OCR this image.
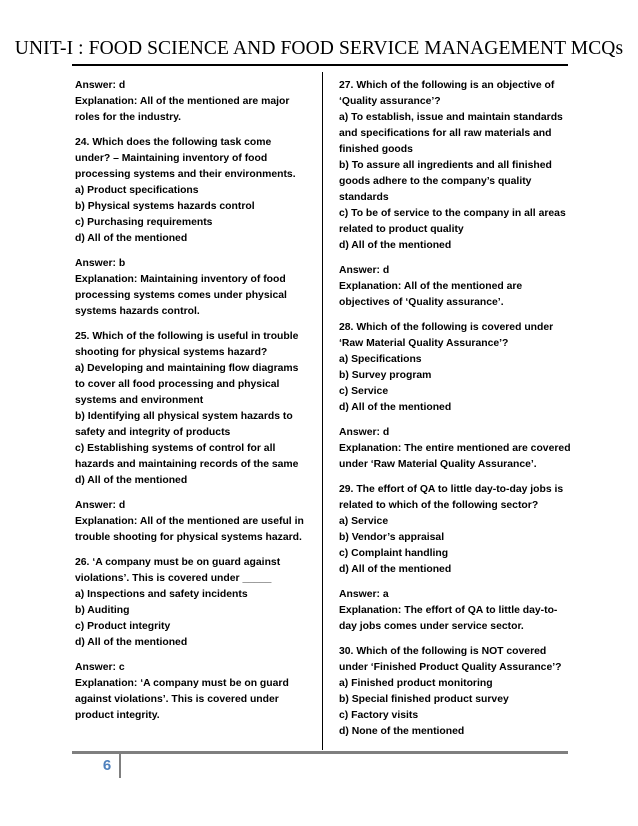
UNIT-I : FOOD SCIENCE AND FOOD SERVICE MANAGEMENT MCQs
Answer: d
Explanation: All of the mentioned are major
roles for the industry.
24. Which does the following task come
under? – Maintaining inventory of food
processing systems and their environments.
a) Product specifications
b) Physical systems hazards control
c) Purchasing requirements
d) All of the mentioned
Answer: b
Explanation: Maintaining inventory of food
processing systems comes under physical
systems hazards control.
25. Which of the following is useful in trouble
shooting for physical systems hazard?
a) Developing and maintaining flow diagrams
to cover all food processing and physical
systems and environment
b) Identifying all physical system hazards to
safety and integrity of products
c) Establishing systems of control for all
hazards and maintaining records of the same
d) All of the mentioned
Answer: d
Explanation: All of the mentioned are useful in
trouble shooting for physical systems hazard.
26. ‘A company must be on guard against
violations’. This is covered under _____
a) Inspections and safety incidents
b) Auditing
c) Product integrity
d) All of the mentioned
Answer: c
Explanation: ‘A company must be on guard
against violations’. This is covered under
product integrity.
27. Which of the following is an objective of
‘Quality assurance’?
a) To establish, issue and maintain standards
and specifications for all raw materials and
finished goods
b) To assure all ingredients and all finished
goods adhere to the company’s quality
standards
c) To be of service to the company in all areas
related to product quality
d) All of the mentioned
Answer: d
Explanation: All of the mentioned are
objectives of ‘Quality assurance’.
28. Which of the following is covered under
‘Raw Material Quality Assurance’?
a) Specifications
b) Survey program
c) Service
d) All of the mentioned
Answer: d
Explanation: The entire mentioned are covered
under ‘Raw Material Quality Assurance’.
29. The effort of QA to little day-to-day jobs is
related to which of the following sector?
a) Service
b) Vendor’s appraisal
c) Complaint handling
d) All of the mentioned
Answer: a
Explanation: The effort of QA to little day-to-
day jobs comes under service sector.
30. Which of the following is NOT covered
under ‘Finished Product Quality Assurance’?
a) Finished product monitoring
b) Special finished product survey
c) Factory visits
d) None of the mentioned
6
